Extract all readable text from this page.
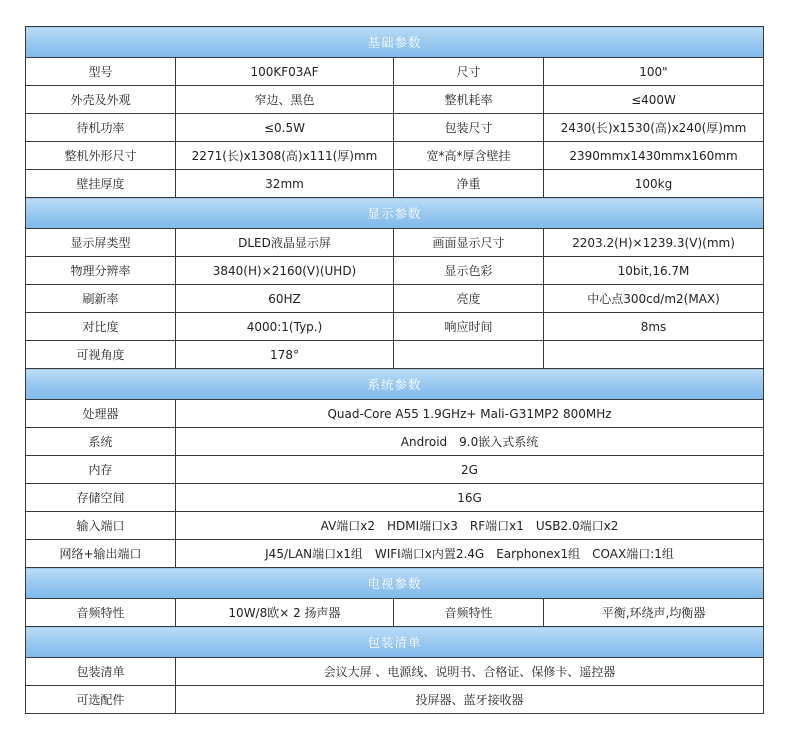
基础参数			
型号	100KF03AF	尺寸	100"
外壳及外观	窄边、黑色	整机耗率	≤400W
待机功率	≤0.5W	包装尺寸	2430(长)x1530(高)x240(厚)mm
整机外形尺寸	2271(长)x1308(高)x111(厚)mm	宽*高*厚含壁挂	2390mmx1430mmx160mm
壁挂厚度	32mm	净重	100kg
显示参数			
显示屏类型	DLED液晶显示屏	画面显示尺寸	2203.2(H)×1239.3(V)(mm)
物理分辨率	3840(H)×2160(V)(UHD)	显示色彩	10bit,16.7M
刷新率	60HZ	亮度	中心点300cd/m2(MAX)
对比度	4000:1(Typ.)	响应时间	8ms
可视角度	178°		
系统参数			
处理器	Quad-Core A55 1.9GHz+ Mali-G31MP2 800MHz		
系统	Android　9.0嵌入式系统		
内存	2G		
存储空间	16G		
输入端口	AV端口x2　HDMI端口x3　RF端口x1　USB2.0端口x2		
网络+输出端口	J45/LAN端口x1组　WIFI端口x内置2.4G　Earphonex1组　COAX端口:1组		
电视参数			
音频特性	10W/8欧× 2 扬声器	音频特性	平衡,环绕声,均衡器
包装清单			
包装清单	会议大屏 、电源线、说明书、合格证、保修卡、遥控器		
可选配件	投屏器、蓝牙接收器		
